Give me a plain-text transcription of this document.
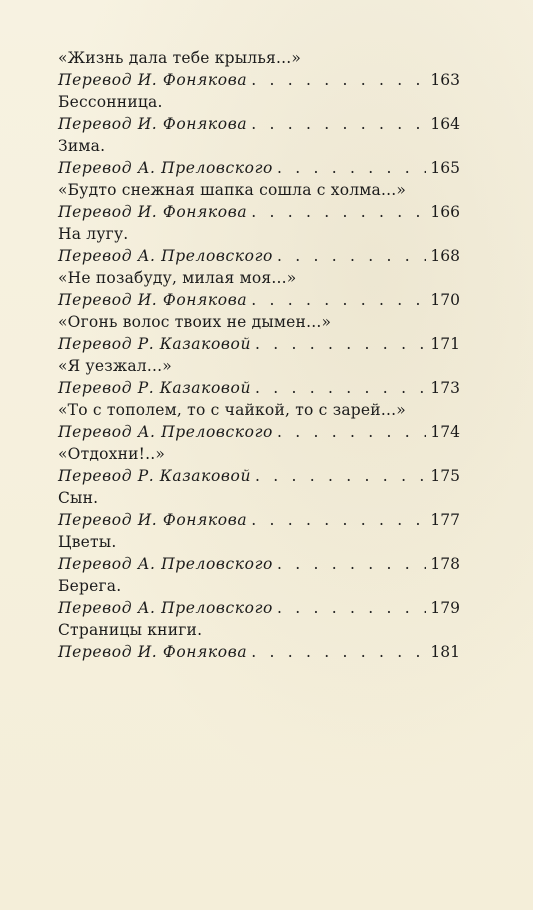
«Жизнь дала тебе крылья...»
Перевод И. Фонякова . . .	163
Бессонница.
Перевод И. Фонякова . . .	164
Зима.
Перевод А. Преловского . . .	165
«Будто снежная шапка сошла с холма...»
Перевод И. Фонякова . . .	166
На лугу.
Перевод А. Преловского . . .	168
«Не позабуду, милая моя...»
Перевод И. Фонякова . . .	170
«Огонь волос твоих не дымен...»
Перевод Р. Казаковой . . .	171
«Я уезжал...»
Перевод Р. Казаковой . . .	173
«То с тополем, то с чайкой, то с зарей...»
Перевод А. Преловского . . .	174
«Отдохни!..»
Перевод Р. Казаковой . . .	175
Сын.
Перевод И. Фонякова . . .	177
Цветы.
Перевод А. Преловского . . .	178
Берега.
Перевод А. Преловского . . .	179
Страницы книги.
Перевод И. Фонякова . . .	181
